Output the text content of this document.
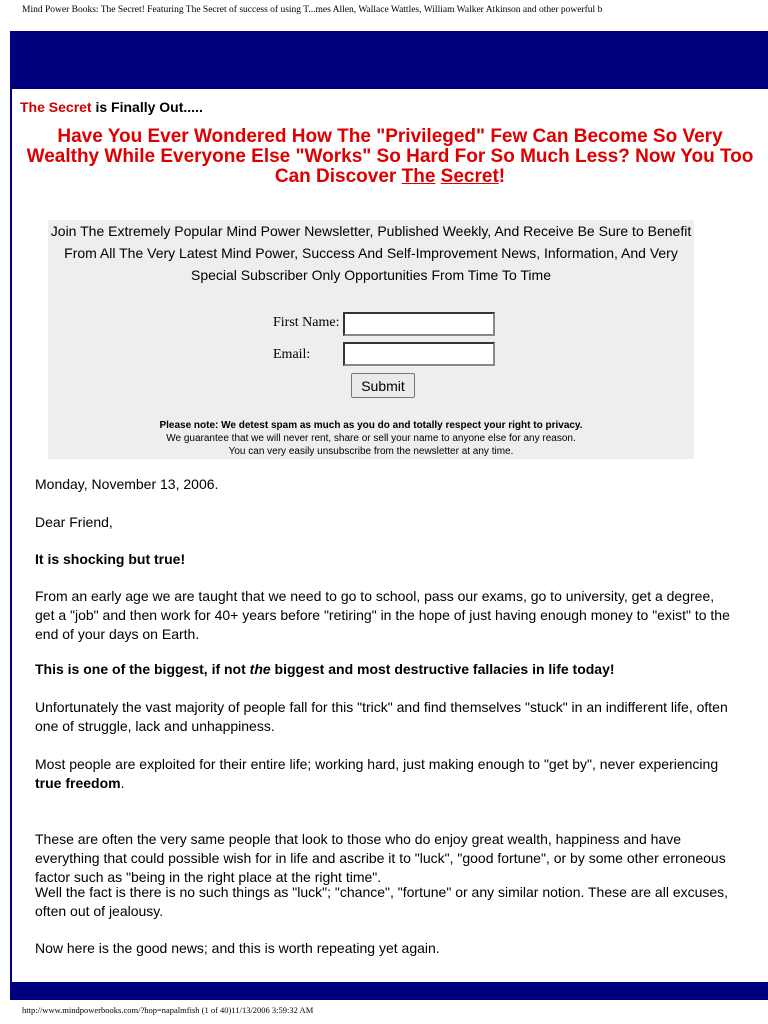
Mind Power Books: The Secret! Featuring The Secret of success of using T...mes Allen, Wallace Wattles, William Walker Atkinson and other powerful b
The Secret is Finally Out.....
Have You Ever Wondered How The "Privileged" Few Can Become So Very Wealthy While Everyone Else "Works" So Hard For So Much Less? Now You Too Can Discover The Secret!
Join The Extremely Popular Mind Power Newsletter, Published Weekly, And Receive Be Sure to Benefit From All The Very Latest Mind Power, Success And Self-Improvement News, Information, And Very Special Subscriber Only Opportunities From Time To Time
First Name:
Email:
Submit
Please note: We detest spam as much as you do and totally respect your right to privacy.
We guarantee that we will never rent, share or sell your name to anyone else for any reason.
You can very easily unsubscribe from the newsletter at any time.
Monday, November 13, 2006.
Dear Friend,
It is shocking but true!
From an early age we are taught that we need to go to school, pass our exams, go to university, get a degree, get a "job" and then work for 40+ years before "retiring" in the hope of just having enough money to "exist" to the end of your days on Earth.
This is one of the biggest, if not the biggest and most destructive fallacies in life today!
Unfortunately the vast majority of people fall for this "trick" and find themselves "stuck" in an indifferent life, often one of struggle, lack and unhappiness.
Most people are exploited for their entire life; working hard, just making enough to "get by", never experiencing true freedom.
These are often the very same people that look to those who do enjoy great wealth, happiness and have everything that could possible wish for in life and ascribe it to "luck", "good fortune", or by some other erroneous factor such as "being in the right place at the right time".
Well the fact is there is no such things as "luck"; "chance", "fortune" or any similar notion. These are all excuses, often out of jealousy.
Now here is the good news; and this is worth repeating yet again.
http://www.mindpowerbooks.com/?hop=napalmfish (1 of 40)11/13/2006 3:59:32 AM
